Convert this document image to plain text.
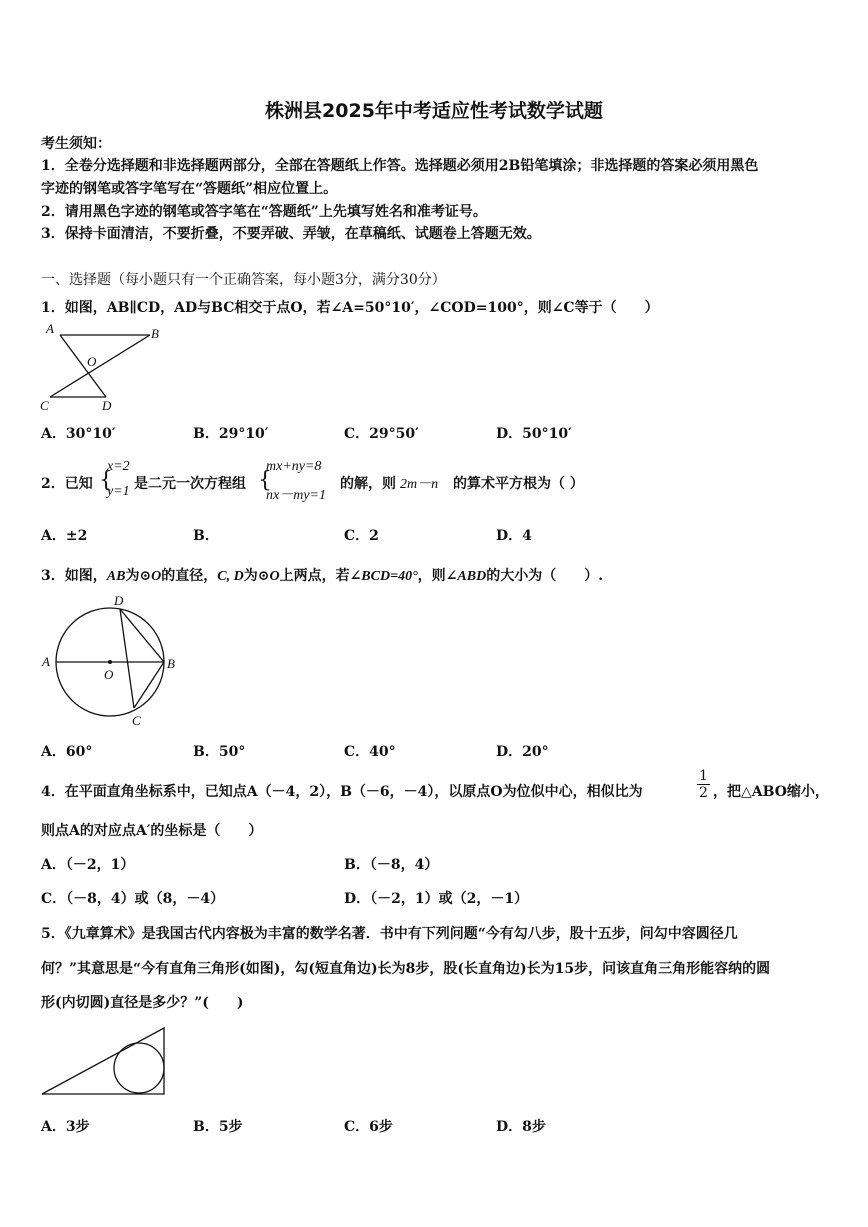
株洲县2025年中考适应性考试数学试题
考生须知：
1．全卷分选择题和非选择题两部分，全部在答题纸上作答。选择题必须用2B铅笔填涂；非选择题的答案必须用黑色
字迹的钢笔或答字笔写在“答题纸”相应位置上。
2．请用黑色字迹的钢笔或答字笔在“答题纸”上先填写姓名和准考证号。
3．保持卡面清洁，不要折叠，不要弄破、弄皱，在草稿纸、试题卷上答题无效。
一、选择题（每小题只有一个正确答案，每小题3分，满分30分）
1．如图，AB∥CD，AD与BC相交于点O，若∠A=50°10′，∠COD=100°，则∠C等于（　　）
A	B
O
C	D
A．30°10′	B．29°10′	C．29°50′	D．50°10′
2．已知 {
x=2
y=1 是二元一次方程组 {
mx+ny=8
nx－my=1
的解，则 2m－n 的算术平方根为（ ）
A．±2	B．	C．2	D．4
3．如图，AB为⊙O的直径，C, D为⊙O上两点，若∠BCD=40°，则∠ABD的大小为（　　）.
D
A
O
B
C
A．60°	B．50°	C．40°	D．20°
4．在平面直角坐标系中，已知点A（－4，2），B（－6，－4），以原点O为位似中心，相似比为	$\frac{1}{2}$ ，把△ABO缩小，
则点A的对应点A′的坐标是（　　）
A．（－2，1）	B．（－8，4）
C．（－8，4）或（8，－4）	D．（－2，1）或（2，－1）
5．《九章算术》是我国古代内容极为丰富的数学名著．书中有下列问题“今有勾八步，股十五步，问勾中容圆径几
何？”其意思是“今有直角三角形(如图)，勾(短直角边)长为8步，股(长直角边)长为15步，问该直角三角形能容纳的圆
形(内切圆)直径是多少？”(　　)
A．3步	B．5步	C．6步	D．8步
